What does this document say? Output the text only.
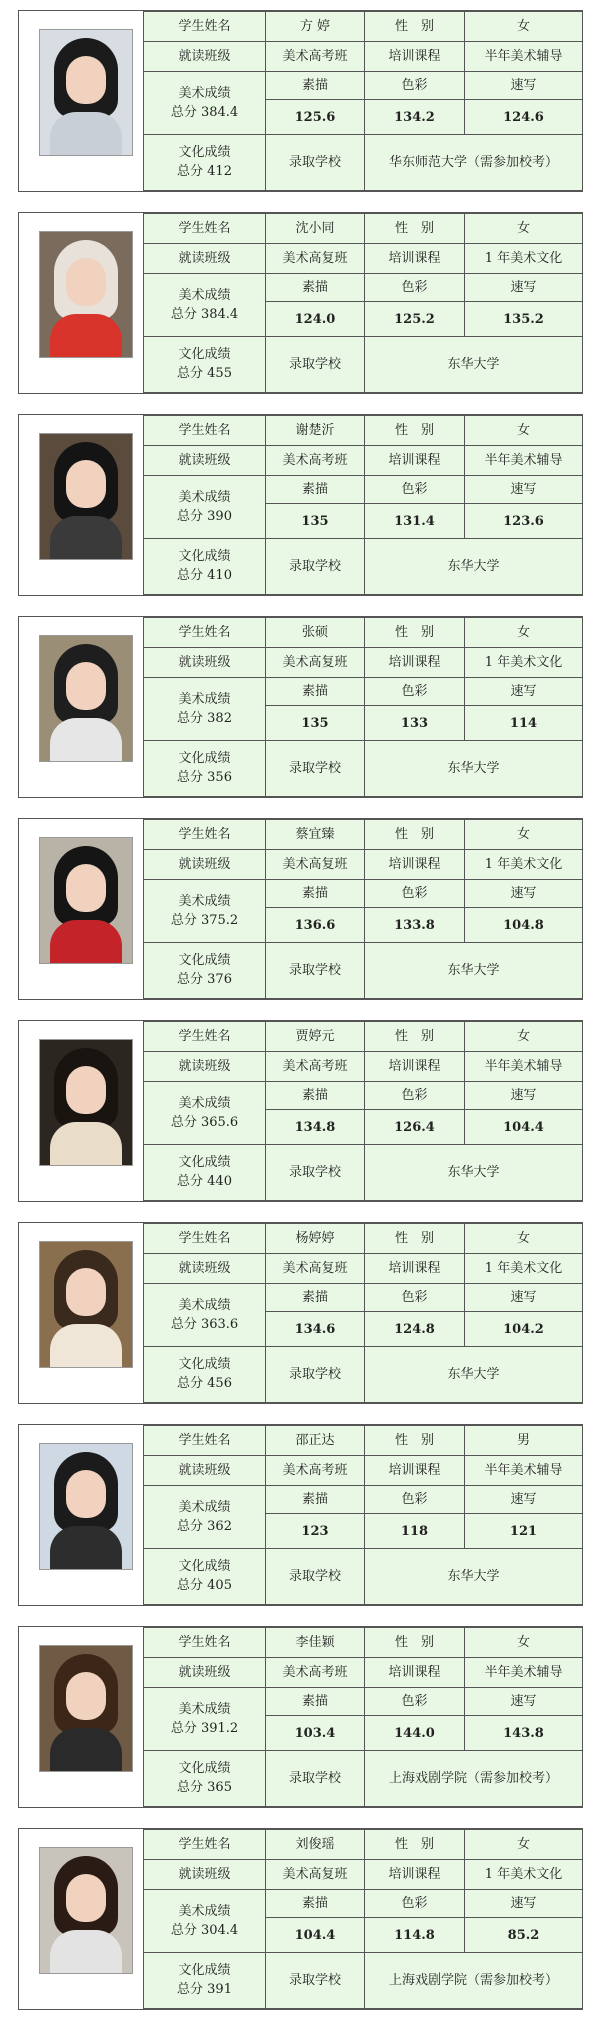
学生姓名	方 婷	性　别	女
就读班级	美术高考班	培训课程	半年美术辅导

美术成绩
总分 384.4	素描	色彩	速写
	125.6	134.2	124.6

文化成绩
总分 412	录取学校	华东师范大学（需参加校考）	
学生姓名	沈小同	性　别	女
就读班级	美术高复班	培训课程	1 年美术文化

美术成绩
总分 384.4	素描	色彩	速写
	124.0	125.2	135.2

文化成绩
总分 455	录取学校	东华大学	
学生姓名	谢楚沂	性　别	女
就读班级	美术高考班	培训课程	半年美术辅导

美术成绩
总分 390	素描	色彩	速写
	135	131.4	123.6

文化成绩
总分 410	录取学校	东华大学	
学生姓名	张硕	性　别	女
就读班级	美术高复班	培训课程	1 年美术文化

美术成绩
总分 382	素描	色彩	速写
	135	133	114

文化成绩
总分 356	录取学校	东华大学	
学生姓名	蔡宜臻	性　别	女
就读班级	美术高复班	培训课程	1 年美术文化

美术成绩
总分 375.2	素描	色彩	速写
	136.6	133.8	104.8

文化成绩
总分 376	录取学校	东华大学	
学生姓名	贾婷元	性　别	女
就读班级	美术高考班	培训课程	半年美术辅导

美术成绩
总分 365.6	素描	色彩	速写
	134.8	126.4	104.4

文化成绩
总分 440	录取学校	东华大学	
学生姓名	杨婷婷	性　别	女
就读班级	美术高复班	培训课程	1 年美术文化

美术成绩
总分 363.6	素描	色彩	速写
	134.6	124.8	104.2

文化成绩
总分 456	录取学校	东华大学	
学生姓名	邵正达	性　别	男
就读班级	美术高考班	培训课程	半年美术辅导

美术成绩
总分 362	素描	色彩	速写
	123	118	121

文化成绩
总分 405	录取学校	东华大学	
学生姓名	李佳颖	性　别	女
就读班级	美术高考班	培训课程	半年美术辅导

美术成绩
总分 391.2	素描	色彩	速写
	103.4	144.0	143.8

文化成绩
总分 365	录取学校	上海戏剧学院（需参加校考）	
学生姓名	刘俊瑶	性　别	女
就读班级	美术高复班	培训课程	1 年美术文化

美术成绩
总分 304.4	素描	色彩	速写
	104.4	114.8	85.2

文化成绩
总分 391	录取学校	上海戏剧学院（需参加校考）	
